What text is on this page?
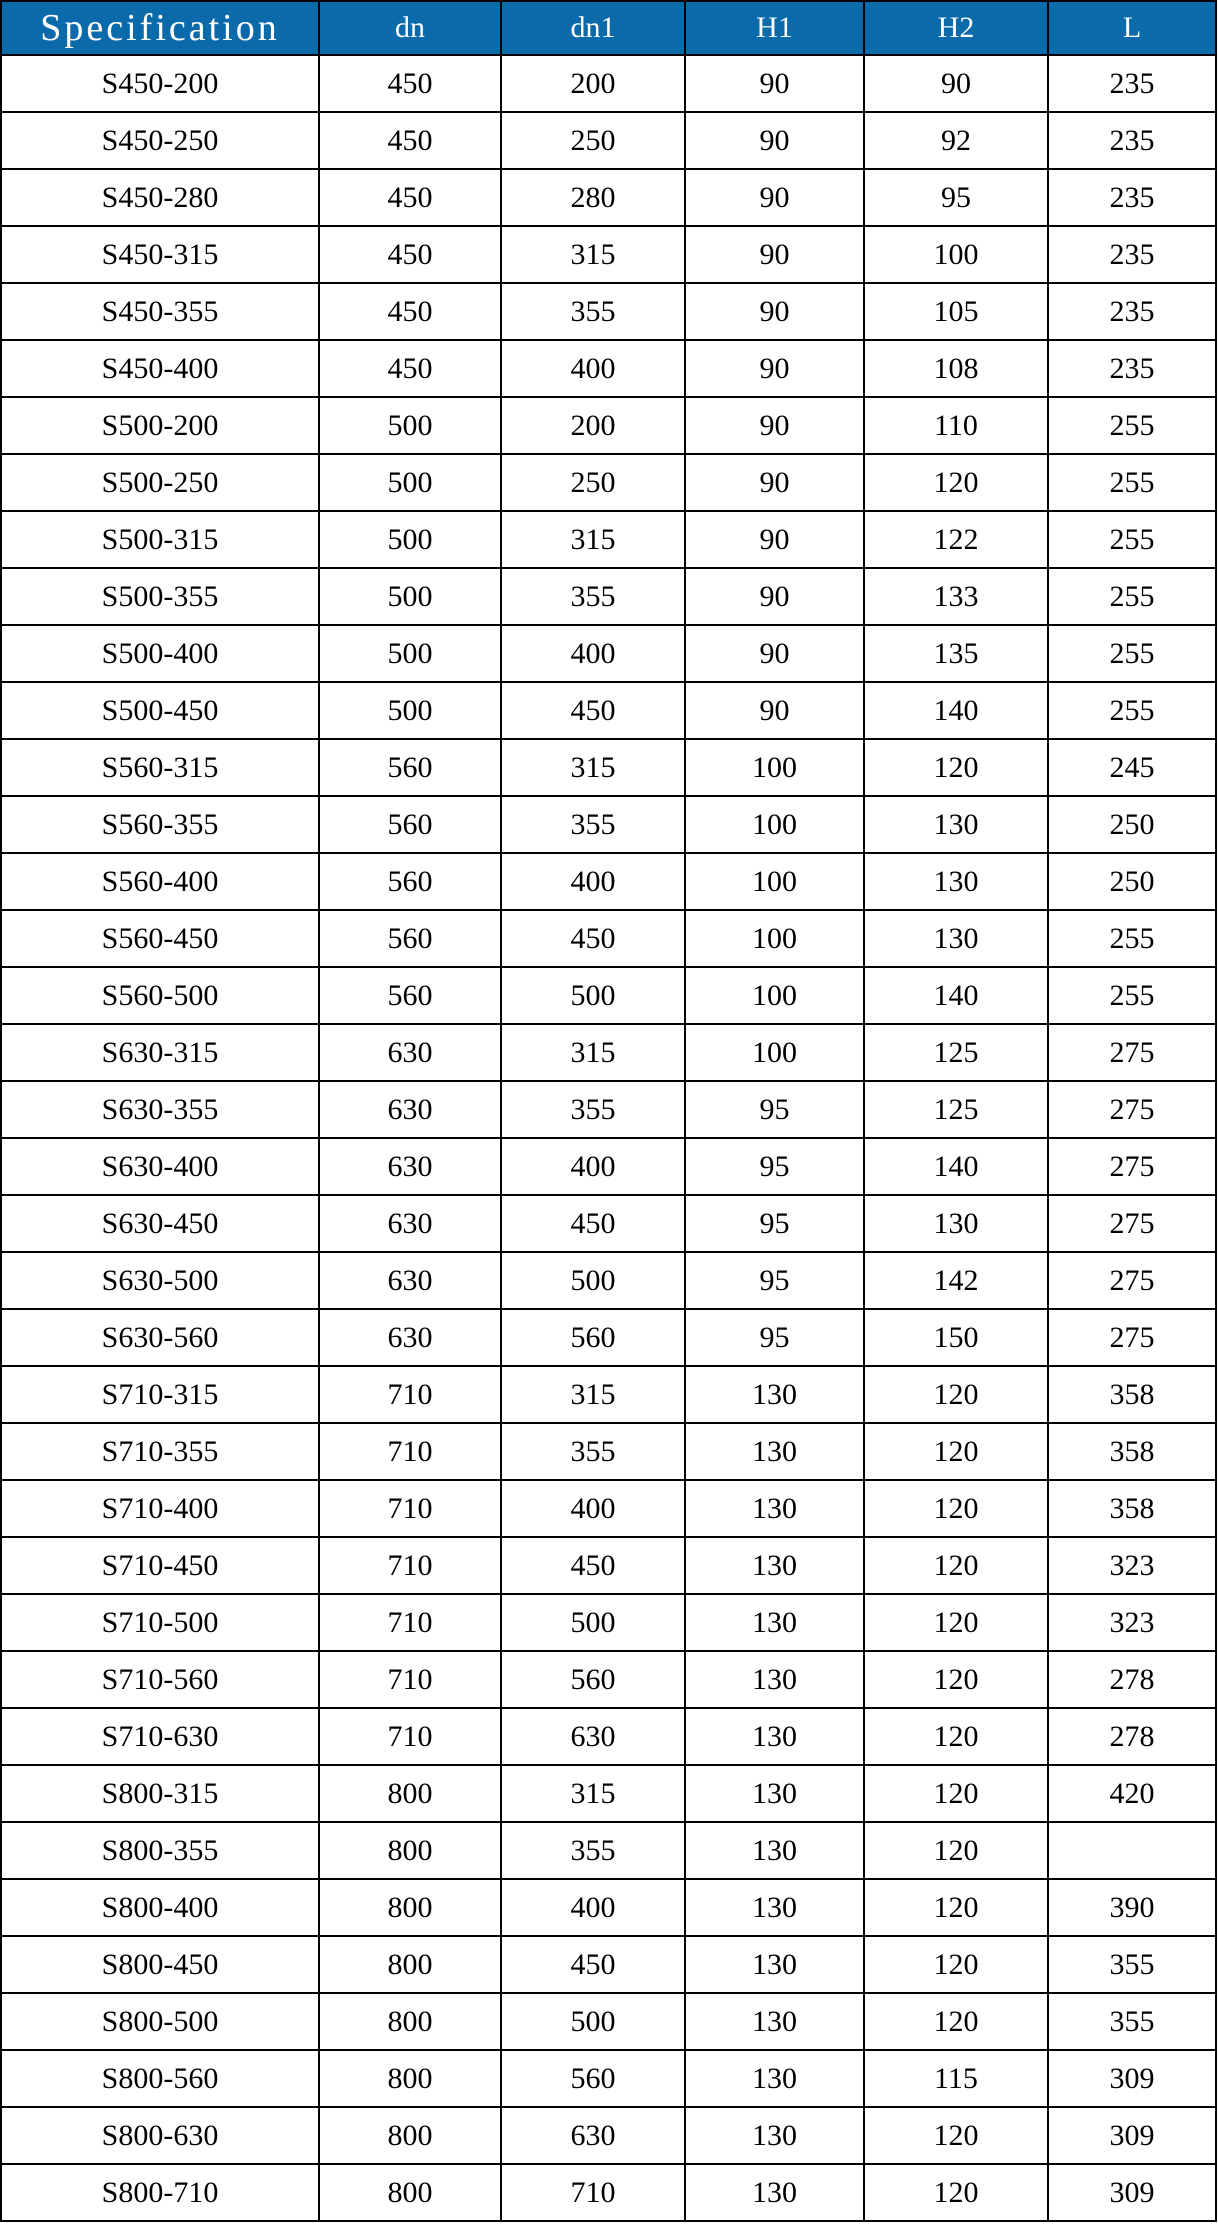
Specification	dn	dn1	H1	H2	L
S450-200	450	200	90	90	235
S450-250	450	250	90	92	235
S450-280	450	280	90	95	235
S450-315	450	315	90	100	235
S450-355	450	355	90	105	235
S450-400	450	400	90	108	235
S500-200	500	200	90	110	255
S500-250	500	250	90	120	255
S500-315	500	315	90	122	255
S500-355	500	355	90	133	255
S500-400	500	400	90	135	255
S500-450	500	450	90	140	255
S560-315	560	315	100	120	245
S560-355	560	355	100	130	250
S560-400	560	400	100	130	250
S560-450	560	450	100	130	255
S560-500	560	500	100	140	255
S630-315	630	315	100	125	275
S630-355	630	355	95	125	275
S630-400	630	400	95	140	275
S630-450	630	450	95	130	275
S630-500	630	500	95	142	275
S630-560	630	560	95	150	275
S710-315	710	315	130	120	358
S710-355	710	355	130	120	358
S710-400	710	400	130	120	358
S710-450	710	450	130	120	323
S710-500	710	500	130	120	323
S710-560	710	560	130	120	278
S710-630	710	630	130	120	278
S800-315	800	315	130	120	420
S800-355	800	355	130	120	
S800-400	800	400	130	120	390
S800-450	800	450	130	120	355
S800-500	800	500	130	120	355
S800-560	800	560	130	115	309
S800-630	800	630	130	120	309
S800-710	800	710	130	120	309
